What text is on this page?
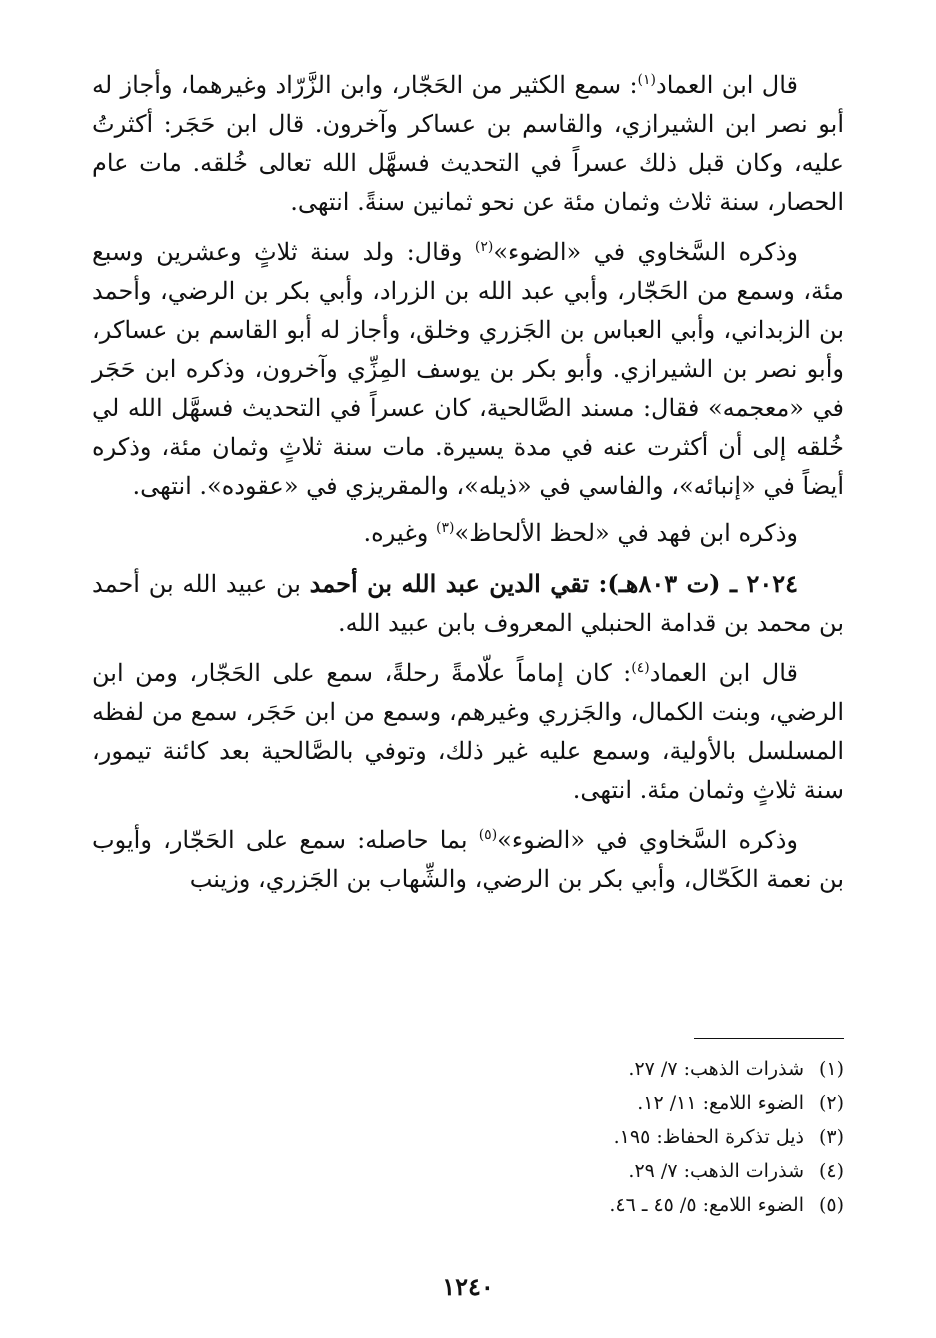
قال ابن العماد$^{(١)}$: سمع الكثير من الحَجّار، وابن الزَّرّاد وغيرهما، وأجاز له أبو نصر ابن الشيرازي، والقاسم بن عساكر وآخرون. قال ابن حَجَر: أكثرتُ عليه، وكان قبل ذلك عسراً في التحديث فسهَّل الله تعالى خُلقه. مات عام الحصار، سنة ثلاث وثمان مئة عن نحو ثمانين سنةً. انتهى.

وذكره السَّخاوي في «الضوء»$^{(٢)}$ وقال: ولد سنة ثلاثٍ وعشرين وسبع مئة، وسمع من الحَجّار، وأبي عبد الله بن الزراد، وأبي بكر بن الرضي، وأحمد بن الزبداني، وأبي العباس بن الجَزري وخلق، وأجاز له أبو القاسم بن عساكر، وأبو نصر بن الشيرازي. وأبو بكر بن يوسف المِزِّي وآخرون، وذكره ابن حَجَر في «معجمه» فقال: مسند الصَّالحية، كان عسراً في التحديث فسهَّل الله لي خُلقه إلى أن أكثرت عنه في مدة يسيرة. مات سنة ثلاثٍ وثمان مئة، وذكره أيضاً في «إنبائه»، والفاسي في «ذيله»، والمقريزي في «عقوده». انتهى.

وذكره ابن فهد في «لحظ الألحاظ»$^{(٣)}$ وغيره.

٢٠٢٤ ـ (ت ٨٠٣هـ): تقي الدين عبد الله بن أحمد بن عبيد الله بن أحمد بن محمد بن قدامة الحنبلي المعروف بابن عبيد الله.

قال ابن العماد$^{(٤)}$: كان إماماً علّامةً رحلةً، سمع على الحَجّار، ومن ابن الرضي، وبنت الكمال، والجَزري وغيرهم، وسمع من ابن حَجَر، سمع من لفظه المسلسل بالأولية، وسمع عليه غير ذلك، وتوفي بالصَّالحية بعد كائنة تيمور، سنة ثلاثٍ وثمان مئة. انتهى.

وذكره السَّخاوي في «الضوء»$^{(٥)}$ بما حاصله: سمع على الحَجّار، وأيوب بن نعمة الكَحّال، وأبي بكر بن الرضي، والشِّهاب بن الجَزري، وزينب

(١)
شذرات الذهب: ٧/ ٢٧.
(٢)
الضوء اللامع: ١١/ ١٢.
(٣)
ذيل تذكرة الحفاظ: ١٩٥.
(٤)
شذرات الذهب: ٧/ ٢٩.
(٥)
الضوء اللامع: ٥/ ٤٥ ـ ٤٦.
١٢٤٠
